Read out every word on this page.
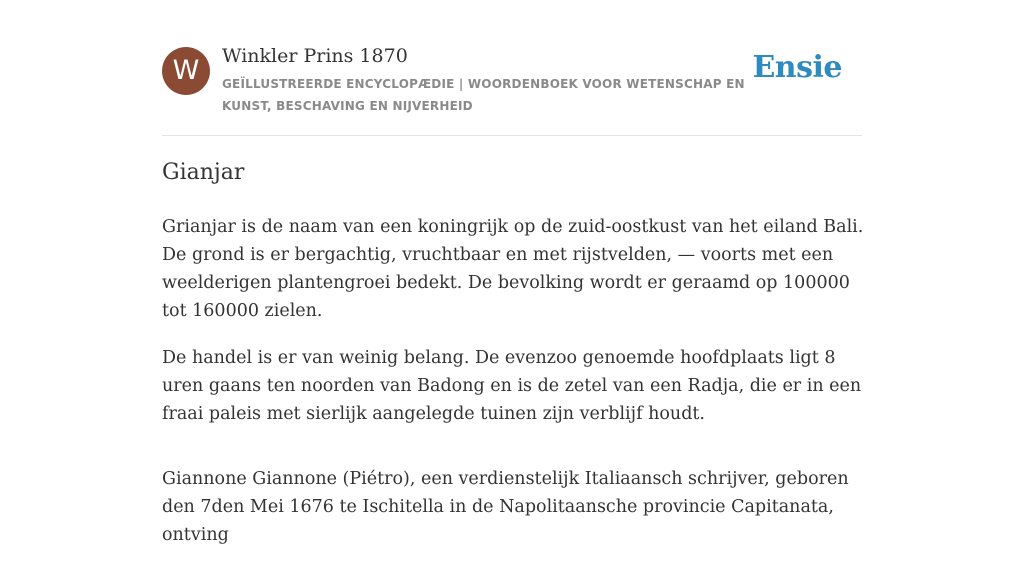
W	Winkler Prins 1870
GEÏLLUSTREERDE ENCYCLOPÆDIE | WOORDENBOEK VOOR WETENSCHAP EN KUNST, BESCHAVING EN NIJVERHEID
Ensie
Gianjar

Grianjar is de naam van een koningrijk op de zuid-oostkust van het eiland Bali. De grond is er bergachtig, vruchtbaar en met rijstvelden, — voorts met een weelderigen plantengroei bedekt. De bevolking wordt er geraamd op 100000 tot 160000 zielen.

De handel is er van weinig belang. De evenzoo genoemde hoofdplaats ligt 8 uren gaans ten noorden van Badong en is de zetel van een Radja, die er in een fraai paleis met sierlijk aangelegde tuinen zijn verblijf houdt.

Giannone Giannone (Piétro), een verdienstelijk Italiaansch schrijver, geboren den 7den Mei 1676 te Ischitella in de Napolitaansche provincie Capitanata, ontving
